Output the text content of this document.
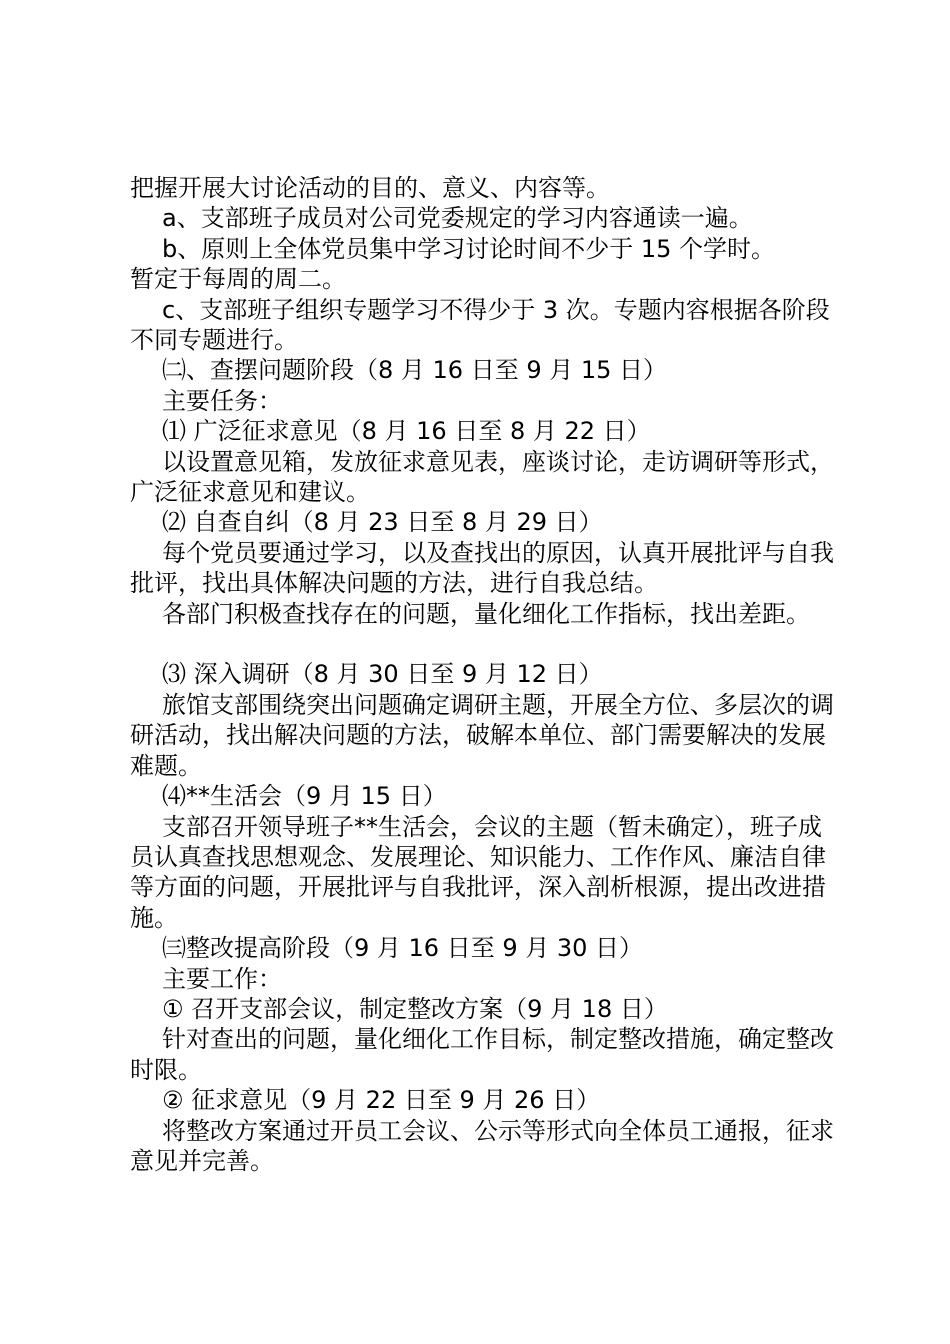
把握开展大讨论活动的目的、意义、内容等。

a、支部班子成员对公司党委规定的学习内容通读一遍。

b、原则上全体党员集中学习讨论时间不少于 15 个学时。

暂定于每周的周二。

c、支部班子组织专题学习不得少于 3 次。专题内容根据各阶段不同专题进行。

㈡、查摆问题阶段（8 月 16 日至 9 月 15 日）

主要任务：

⑴ 广泛征求意见（8 月 16 日至 8 月 22 日）

以设置意见箱，发放征求意见表，座谈讨论，走访调研等形式，广泛征求意见和建议。

⑵ 自查自纠（8 月 23 日至 8 月 29 日）

每个党员要通过学习，以及查找出的原因，认真开展批评与自我批评，找出具体解决问题的方法，进行自我总结。

各部门积极查找存在的问题，量化细化工作指标，找出差距。

⑶ 深入调研（8 月 30 日至 9 月 12 日）

旅馆支部围绕突出问题确定调研主题，开展全方位、多层次的调研活动，找出解决问题的方法，破解本单位、部门需要解决的发展难题。

⑷**生活会（9 月 15 日）

支部召开领导班子**生活会，会议的主题（暂未确定），班子成员认真查找思想观念、发展理论、知识能力、工作作风、廉洁自律等方面的问题，开展批评与自我批评，深入剖析根源，提出改进措施。

㈢整改提高阶段（9 月 16 日至 9 月 30 日）

主要工作：

① 召开支部会议，制定整改方案（9 月 18 日）

针对查出的问题，量化细化工作目标，制定整改措施，确定整改时限。

② 征求意见（9 月 22 日至 9 月 26 日）

将整改方案通过开员工会议、公示等形式向全体员工通报，征求意见并完善。
